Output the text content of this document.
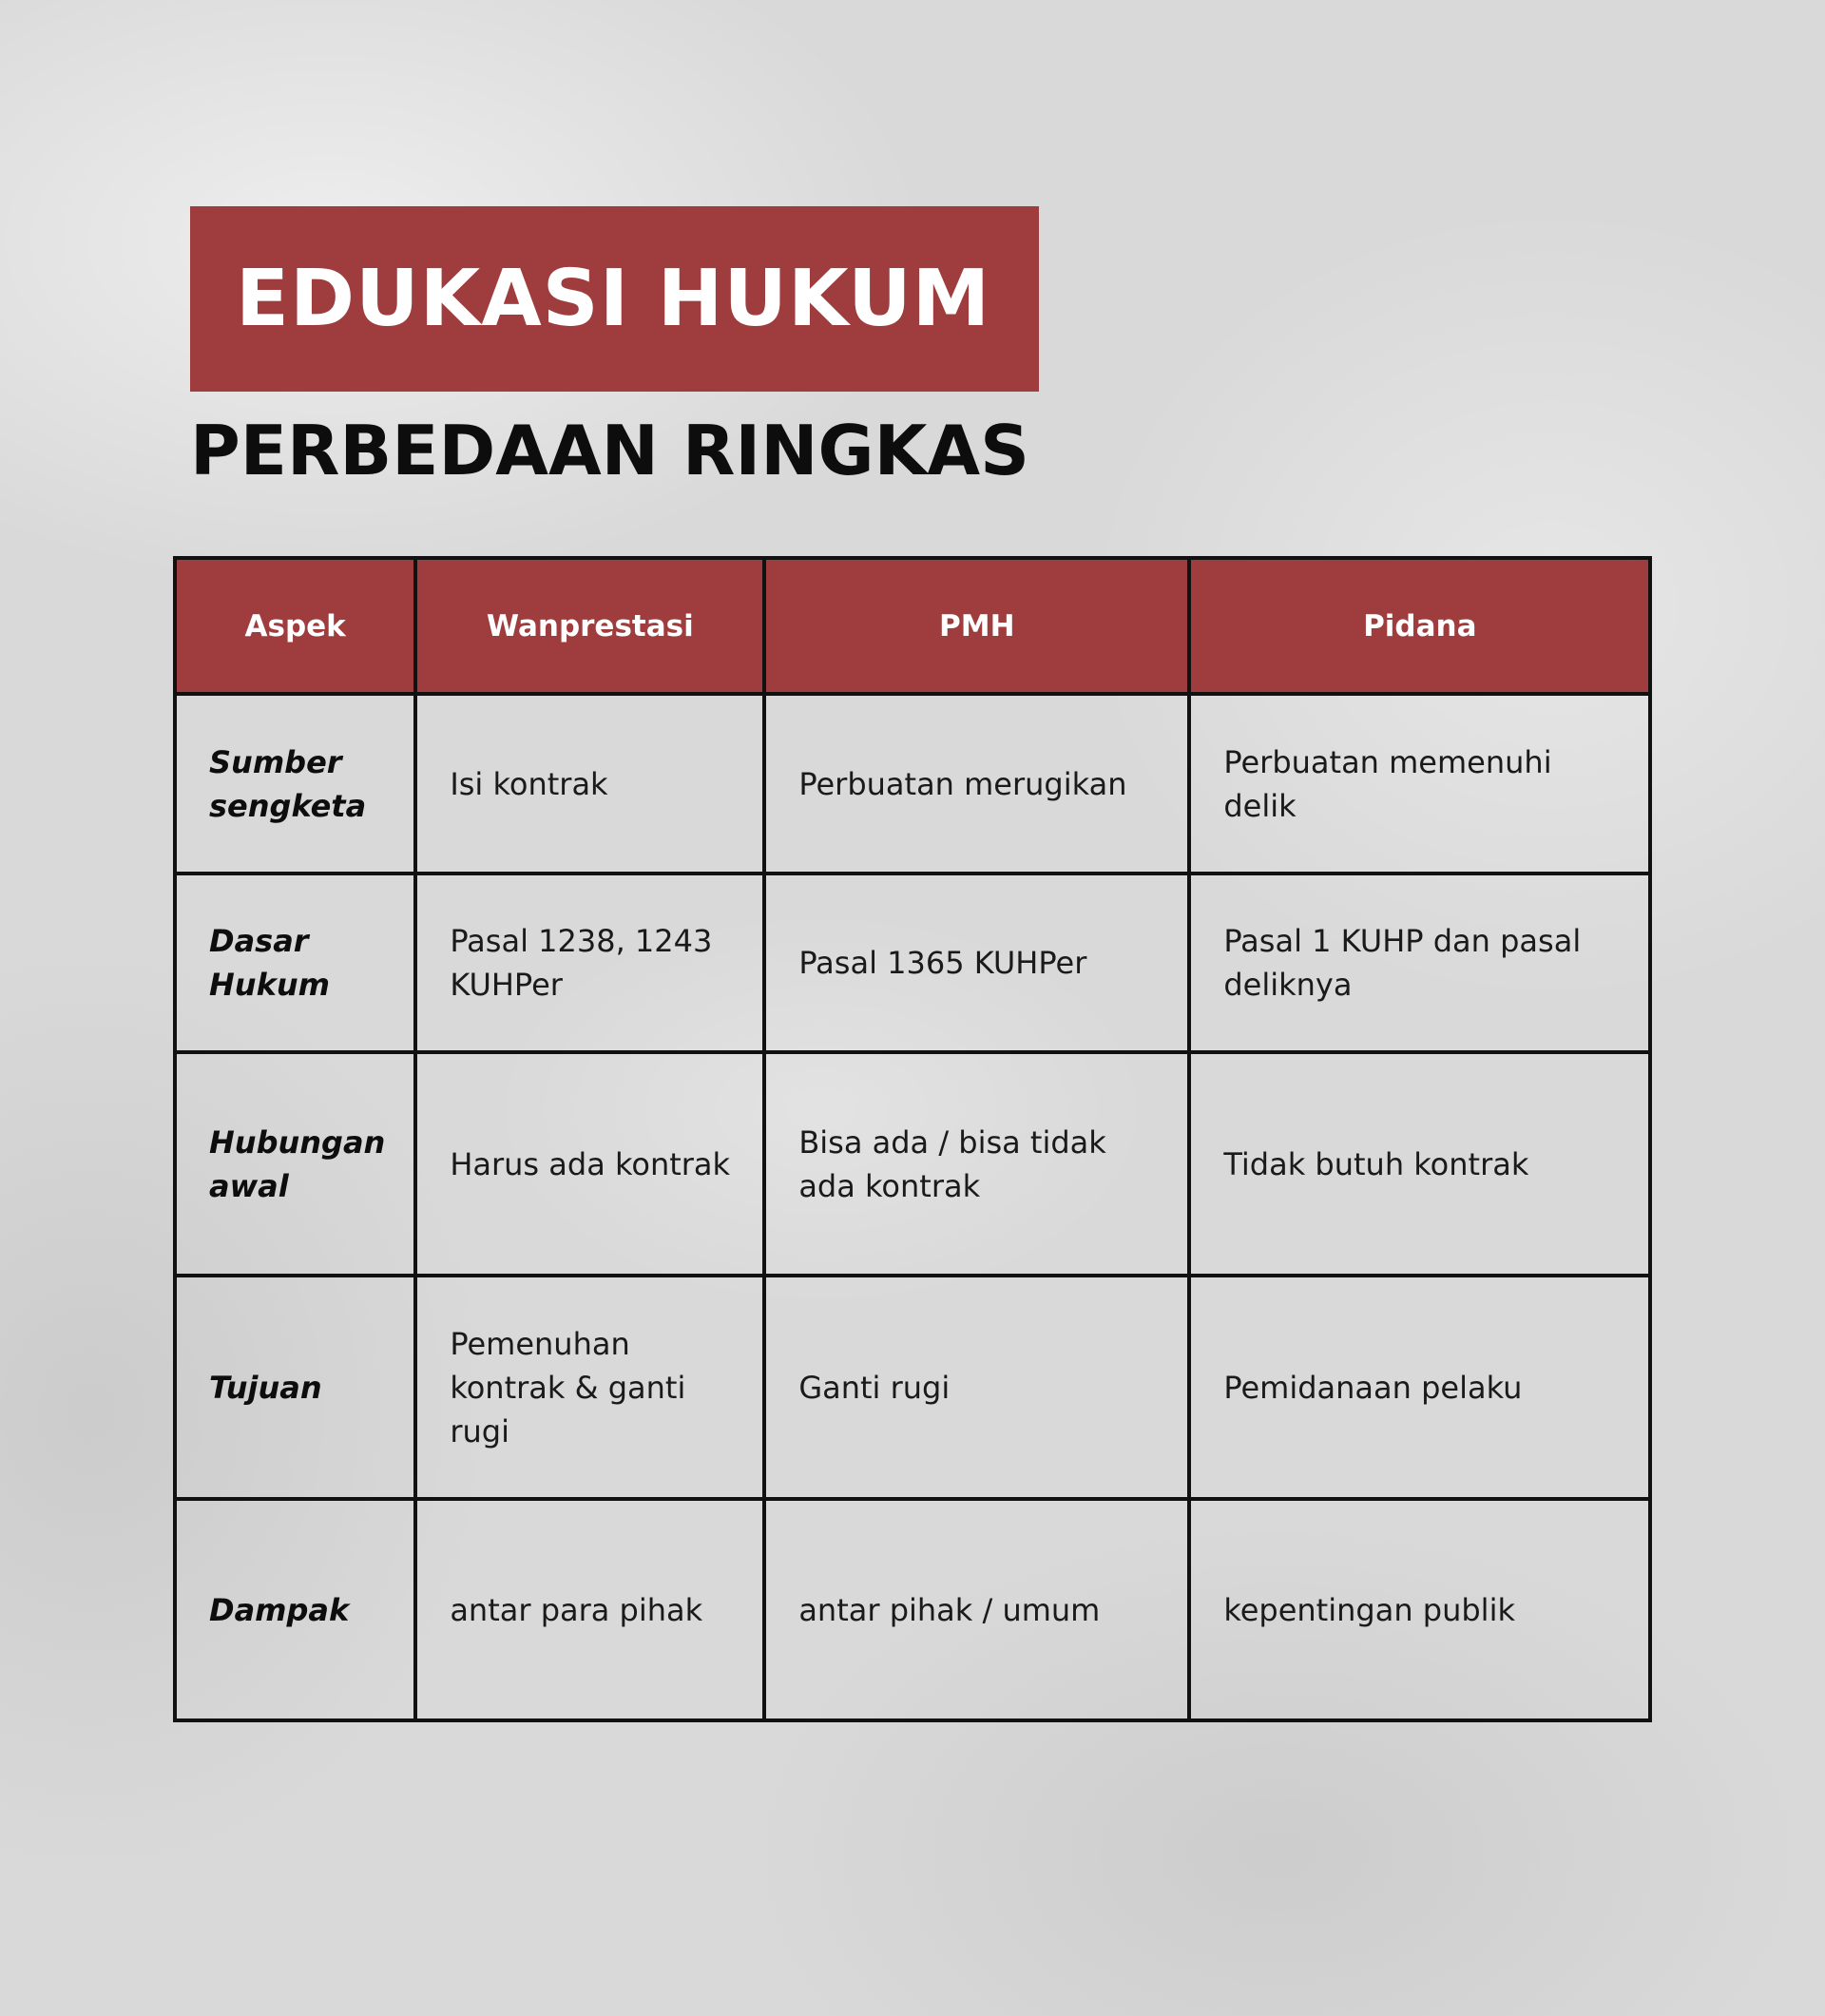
EDUKASI HUKUM
PERBEDAAN RINGKAS
Aspek	Wanprestasi	PMH	Pidana
Sumber sengketa	Isi kontrak	Perbuatan merugikan	Perbuatan memenuhi delik
Dasar Hukum	Pasal 1238, 1243 KUHPer	Pasal 1365 KUHPer	Pasal 1 KUHP dan pasal deliknya
Hubungan awal	Harus ada kontrak	Bisa ada / bisa tidak ada kontrak	Tidak butuh kontrak
Tujuan	Pemenuhan kontrak & ganti rugi	Ganti rugi	Pemidanaan pelaku
Dampak	antar para pihak	antar pihak / umum	kepentingan publik
